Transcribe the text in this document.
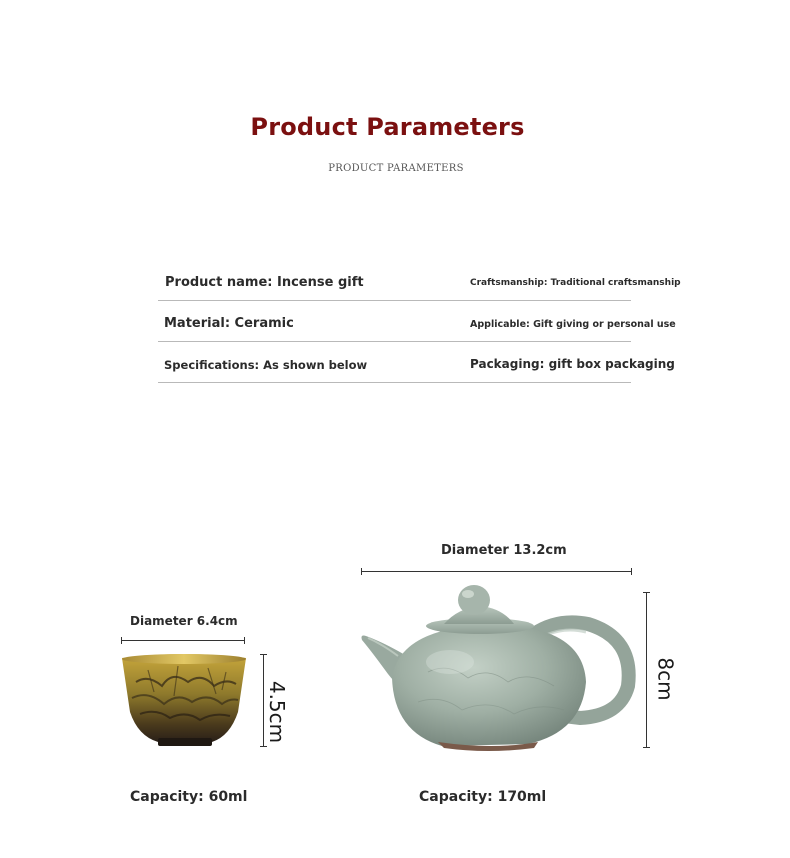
Product Parameters
PRODUCT PARAMETERS
Product name: Incense gift	Craftsmanship: Traditional craftsmanship
Material: Ceramic	Applicable: Gift giving or personal use
Specifications: As shown below	Packaging: gift box packaging
Diameter 6.4cm
4.5cm
Diameter 13.2cm
8cm
Capacity: 60ml	Capacity: 170ml
